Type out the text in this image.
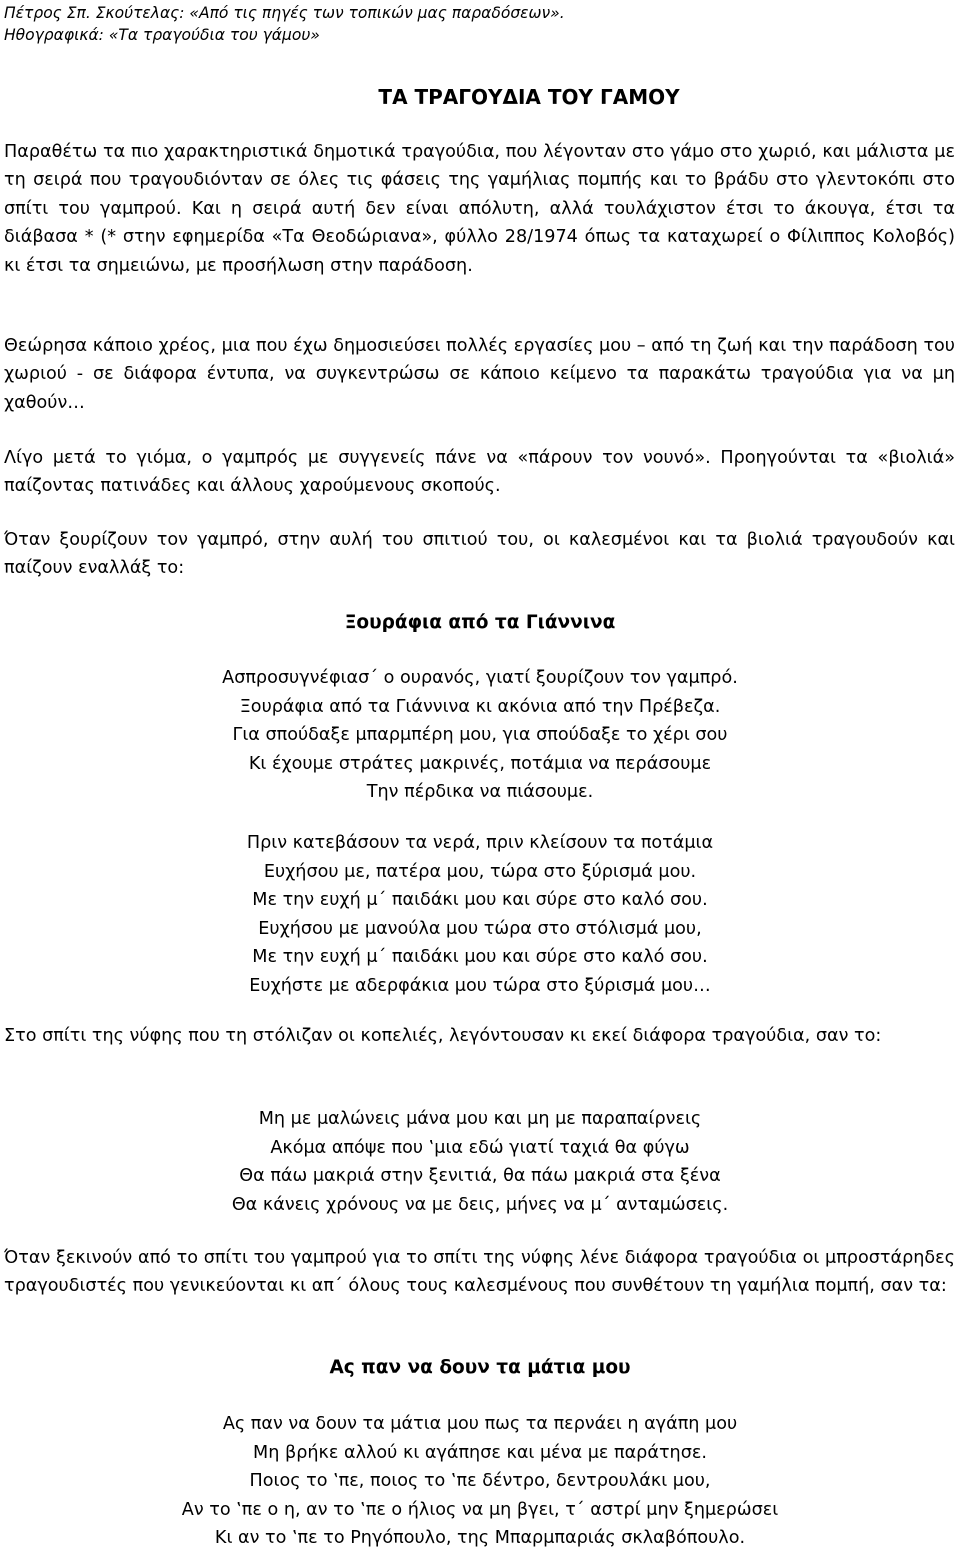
Πέτρος Σπ. Σκούτελας: «Από τις πηγές των τοπικών μας παραδόσεων».
Ηθογραφικά: «Τα τραγούδια του γάμου»
ΤΑ ΤΡΑΓΟΥΔΙΑ ΤΟΥ ΓΑΜΟΥ
Παραθέτω τα πιο χαρακτηριστικά δημοτικά τραγούδια, που λέγονταν στο γάμο στο χωριό, και μάλιστα με τη σειρά που τραγουδιόνταν σε όλες τις φάσεις της γαμήλιας πομπής και το βράδυ στο γλεντοκόπι στο σπίτι του γαμπρού. Και η σειρά αυτή δεν είναι απόλυτη, αλλά τουλάχιστον έτσι το άκουγα, έτσι τα διάβασα * (* στην εφημερίδα «Τα Θεοδώριανα», φύλλο 28/1974 όπως τα καταχωρεί ο Φίλιππος Κολοβός) κι έτσι τα σημειώνω, με προσήλωση στην παράδοση.
Θεώρησα κάποιο χρέος, μια που έχω δημοσιεύσει πολλές εργασίες μου – από τη ζωή και την παράδοση του χωριού - σε διάφορα έντυπα, να συγκεντρώσω σε κάποιο κείμενο τα παρακάτω τραγούδια για να μη χαθούν…
Λίγο μετά το γιόμα, ο γαμπρός με συγγενείς πάνε να «πάρουν τον νουνό». Προηγούνται τα «βιολιά» παίζοντας πατινάδες και άλλους χαρούμενους σκοπούς.
Όταν ξουρίζουν τον γαμπρό, στην αυλή του σπιτιού του, οι καλεσμένοι και τα βιολιά τραγουδούν και παίζουν εναλλάξ το:
Ξουράφια από τα Γιάννινα
Ασπροσυγνέφιασ΄ ο ουρανός, γιατί ξουρίζουν τον γαμπρό.
Ξουράφια από τα Γιάννινα κι ακόνια από την Πρέβεζα.
Για σπούδαξε μπαρμπέρη μου, για σπούδαξε το χέρι σου
Κι έχουμε στράτες μακρινές, ποτάμια να περάσουμε
Την πέρδικα να πιάσουμε.
Πριν κατεβάσουν τα νερά, πριν κλείσουν τα ποτάμια
Ευχήσου με, πατέρα μου, τώρα στο ξύρισμά μου.
Με την ευχή μ΄ παιδάκι μου και σύρε στο καλό σου.
Ευχήσου με μανούλα μου τώρα στο στόλισμά μου,
Με την ευχή μ΄ παιδάκι μου και σύρε στο καλό σου.
Ευχήστε με αδερφάκια μου τώρα στο ξύρισμά μου…
Στο σπίτι της νύφης που τη στόλιζαν οι κοπελιές, λεγόντουσαν κι εκεί διάφορα τραγούδια, σαν το:
Μη με μαλώνεις μάνα μου και μη με παραπαίρνεις
Ακόμα απόψε που ‛μια εδώ γιατί ταχιά θα φύγω
Θα πάω μακριά στην ξενιτιά, θα πάω μακριά στα ξένα
Θα κάνεις χρόνους να με δεις, μήνες να μ΄ ανταμώσεις.
Όταν ξεκινούν από το σπίτι του γαμπρού για το σπίτι της νύφης λένε διάφορα τραγούδια οι μπροστάρηδες τραγουδιστές που γενικεύονται κι απ΄ όλους τους καλεσμένους που συνθέτουν τη γαμήλια πομπή, σαν τα:
Ας παν να δουν τα μάτια μου
Ας παν να δουν τα μάτια μου πως τα περνάει η αγάπη μου
Μη βρήκε αλλού κι αγάπησε και μένα με παράτησε.
Ποιος το ‛πε, ποιος το ‛πε δέντρο, δεντρουλάκι μου,
Αν το ‛πε ο η, αν το ‛πε ο ήλιος να μη βγει, τ΄ αστρί μην ξημερώσει
Κι αν το ‛πε το Ρηγόπουλο, της Μπαρμπαριάς σκλαβόπουλο.
